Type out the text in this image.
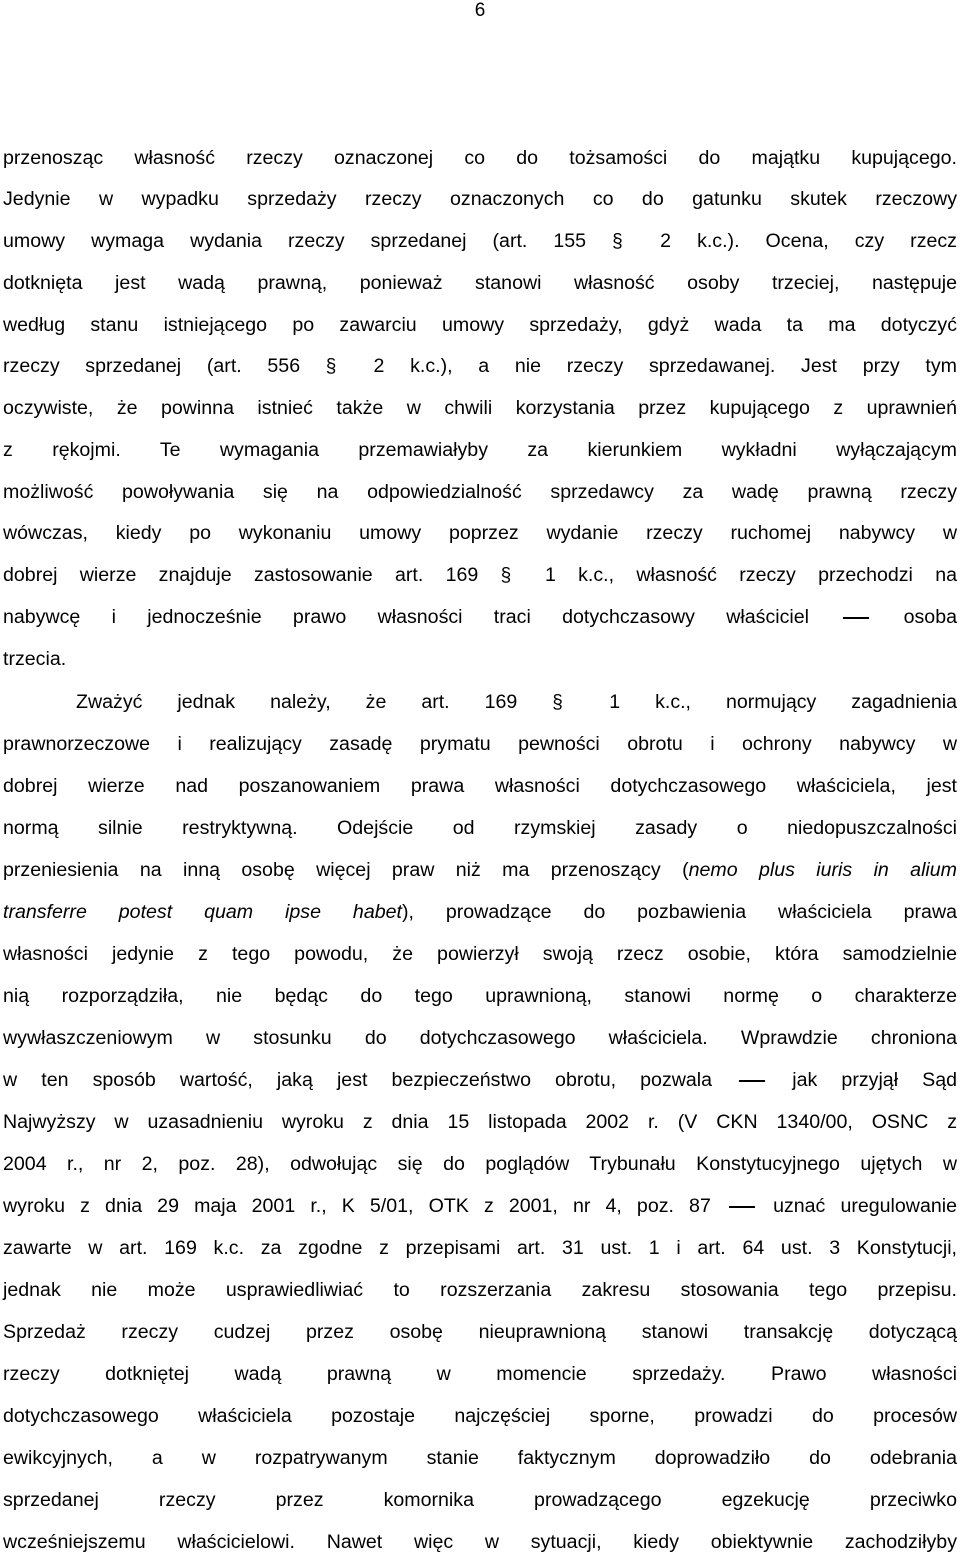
6
przenosząc własność rzeczy oznaczonej co do tożsamości do majątku kupującego.
Jedynie w wypadku sprzedaży rzeczy oznaczonych co do gatunku skutek rzeczowy
umowy wymaga wydania rzeczy sprzedanej (art. 155 §	2 k.c.). Ocena, czy rzecz
dotknięta jest wadą prawną, ponieważ stanowi własność osoby trzeciej, następuje
według stanu istniejącego po zawarciu umowy sprzedaży, gdyż wada ta ma dotyczyć
rzeczy sprzedanej (art. 556 §	2 k.c.), a nie rzeczy sprzedawanej. Jest przy tym
oczywiste, że powinna istnieć także w chwili korzystania przez kupującego z uprawnień
z rękojmi. Te wymagania przemawiałyby za kierunkiem wykładni wyłączającym
możliwość powoływania się na odpowiedzialność sprzedawcy za wadę prawną rzeczy
wówczas, kiedy po wykonaniu umowy poprzez wydanie rzeczy ruchomej nabywcy w
dobrej wierze znajduje zastosowanie art. 169 §	1 k.c., własność rzeczy przechodzi na
nabywcę i jednocześnie prawo własności traci dotychczasowy właściciel	osoba
trzecia.
Zważyć jednak należy, że art. 169 §	1 k.c., normujący zagadnienia
prawnorzeczowe i realizujący zasadę prymatu pewności obrotu i ochrony nabywcy w
dobrej wierze nad poszanowaniem prawa własności dotychczasowego właściciela, jest
normą silnie restryktywną. Odejście od rzymskiej zasady o niedopuszczalności
przeniesienia na inną osobę więcej praw niż ma przenoszący (nemo plus iuris in alium
transferre potest quam ipse habet), prowadzące do pozbawienia właściciela prawa
własności jedynie z tego powodu, że powierzył swoją rzecz osobie, która samodzielnie
nią rozporządziła, nie będąc do tego uprawnioną, stanowi normę o charakterze
wywłaszczeniowym w stosunku do dotychczasowego właściciela. Wprawdzie chroniona
w ten sposób wartość, jaką jest bezpieczeństwo obrotu, pozwala	jak przyjął Sąd
Najwyższy w uzasadnieniu wyroku z dnia 15 listopada 2002 r. (V CKN 1340/00, OSNC z
2004 r., nr 2, poz. 28), odwołując się do poglądów Trybunału Konstytucyjnego ujętych w
wyroku z dnia 29 maja 2001 r., K 5/01, OTK z 2001, nr 4, poz. 87	uznać uregulowanie
zawarte w art. 169 k.c. za zgodne z przepisami art. 31 ust. 1 i art. 64 ust. 3 Konstytucji,
jednak nie może usprawiedliwiać to rozszerzania zakresu stosowania tego przepisu.
Sprzedaż rzeczy cudzej przez osobę nieuprawnioną stanowi transakcję dotyczącą
rzeczy dotkniętej wadą prawną w momencie sprzedaży. Prawo własności
dotychczasowego właściciela pozostaje najczęściej sporne, prowadzi do procesów
ewikcyjnych, a w rozpatrywanym stanie faktycznym doprowadziło do odebrania
sprzedanej rzeczy przez komornika prowadzącego egzekucję przeciwko
wcześniejszemu właścicielowi. Nawet więc w sytuacji, kiedy obiektywnie zachodziłyby
